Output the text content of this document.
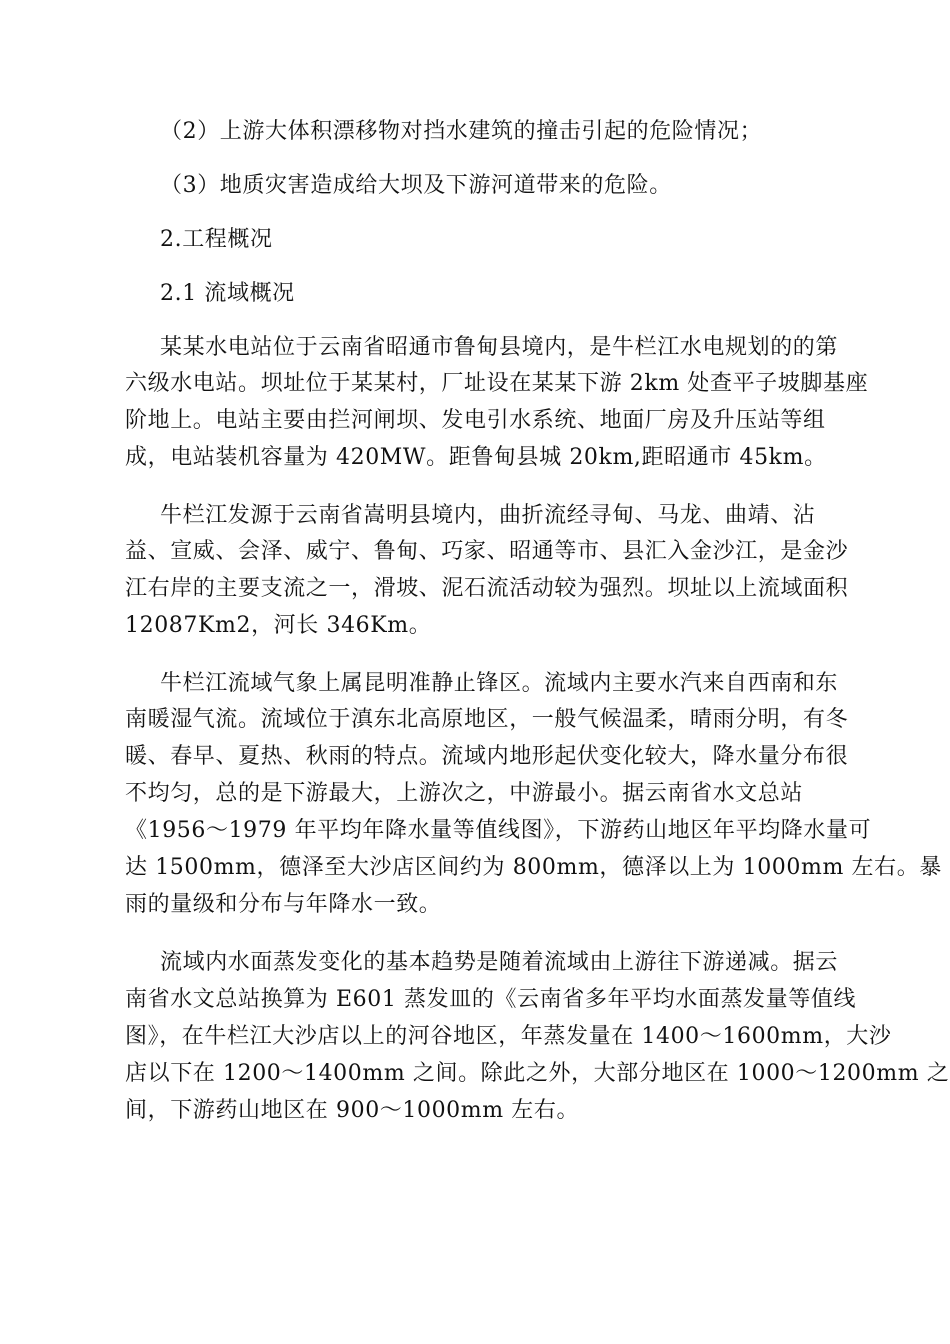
（2）上游大体积漂移物对挡水建筑的撞击引起的危险情况；
（3）地质灾害造成给大坝及下游河道带来的危险。
2.工程概况
2.1 流域概况
某某水电站位于云南省昭通市鲁甸县境内，是牛栏江水电规划的的第
六级水电站。坝址位于某某村，厂址设在某某下游 2km 处查平子坡脚基座
阶地上。电站主要由拦河闸坝、发电引水系统、地面厂房及升压站等组
成，电站装机容量为 420MW。距鲁甸县城 20km,距昭通市 45km。
牛栏江发源于云南省嵩明县境内，曲折流经寻甸、马龙、曲靖、沾
益、宣威、会泽、威宁、鲁甸、巧家、昭通等市、县汇入金沙江，是金沙
江右岸的主要支流之一，滑坡、泥石流活动较为强烈。坝址以上流域面积
12087Km2，河长 346Km。
牛栏江流域气象上属昆明准静止锋区。流域内主要水汽来自西南和东
南暖湿气流。流域位于滇东北高原地区，一般气候温柔，晴雨分明，有冬
暖、春早、夏热、秋雨的特点。流域内地形起伏变化较大，降水量分布很
不均匀，总的是下游最大，上游次之，中游最小。据云南省水文总站
《1956～1979 年平均年降水量等值线图》，下游药山地区年平均降水量可
达 1500mm，德泽至大沙店区间约为 800mm，德泽以上为 1000mm 左右。暴
雨的量级和分布与年降水一致。
流域内水面蒸发变化的基本趋势是随着流域由上游往下游递减。据云
南省水文总站换算为 E601 蒸发皿的《云南省多年平均水面蒸发量等值线
图》，在牛栏江大沙店以上的河谷地区，年蒸发量在 1400～1600mm，大沙
店以下在 1200～1400mm 之间。除此之外，大部分地区在 1000～1200mm 之
间，下游药山地区在 900～1000mm 左右。
